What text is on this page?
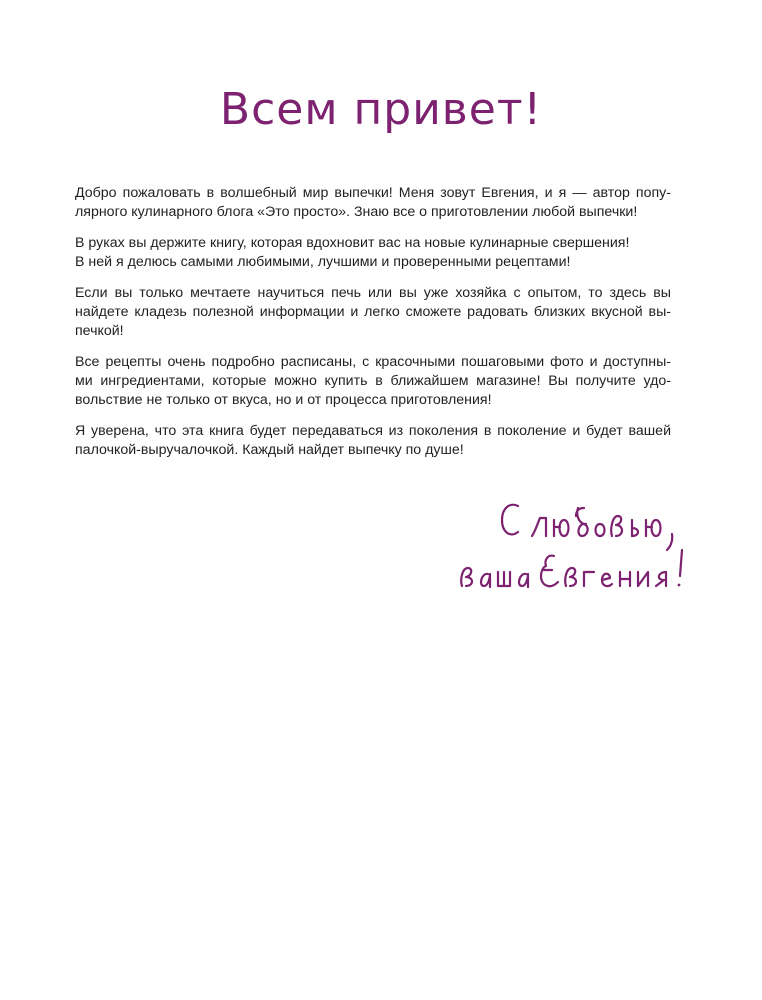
Всем привет!

Добро пожаловать в волшебный мир выпечки! Меня зовут Евгения, и я — автор попу-
лярного кулинарного блога «Это просто». Знаю все о приготовлении любой выпечки!

В руках вы держите книгу, которая вдохновит вас на новые кулинарные свершения!
В ней я делюсь самыми любимыми, лучшими и проверенными рецептами!

Если вы только мечтаете научиться печь или вы уже хозяйка с опытом, то здесь вы
найдете кладезь полезной информации и легко сможете радовать близких вкусной вы-
печкой!

Все рецепты очень подробно расписаны, с красочными пошаговыми фото и доступны-
ми ингредиентами, которые можно купить в ближайшем магазине! Вы получите удо-
вольствие не только от вкуса, но и от процесса приготовления!

Я уверена, что эта книга будет передаваться из поколения в поколение и будет вашей
палочкой-выручалочкой. Каждый найдет выпечку по душе!
